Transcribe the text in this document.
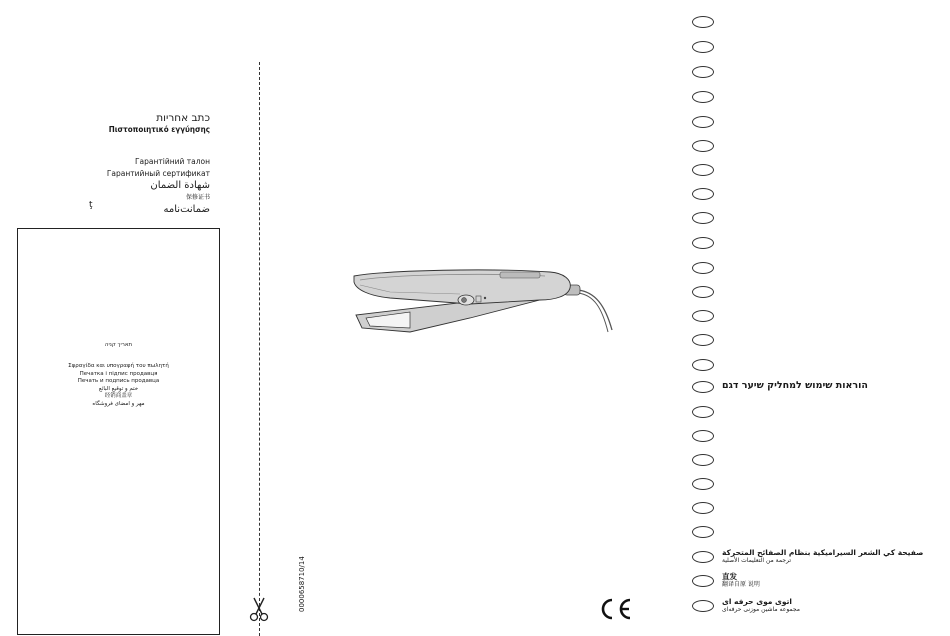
כתב אחריות
Πιστοποιητικό εγγύησης
Гарантійний талон
Гарантийный сертификат
شهادة الضمان
保修证书
ضمانت‌نامه
ţ
תאריך קניה
Σφραγίδα και υπογραφή του πωλητή
Печатка і підпис продавця
Печать и подпись продавца
ختم و توقيع البائع
经销商盖章
مهر و امضای فروشگاه
0000658710/14
הוראות שימוש למחליק שיער דגם
صفيحة كي الشعر السيراميكية بنظام الصفائح المتحركة
ترجمة من التعليمات الأصلية
直发
翻译自原 说明
اتوی موی حرفه ای
مجموعه ماشین موزنی حرفه‌ای
